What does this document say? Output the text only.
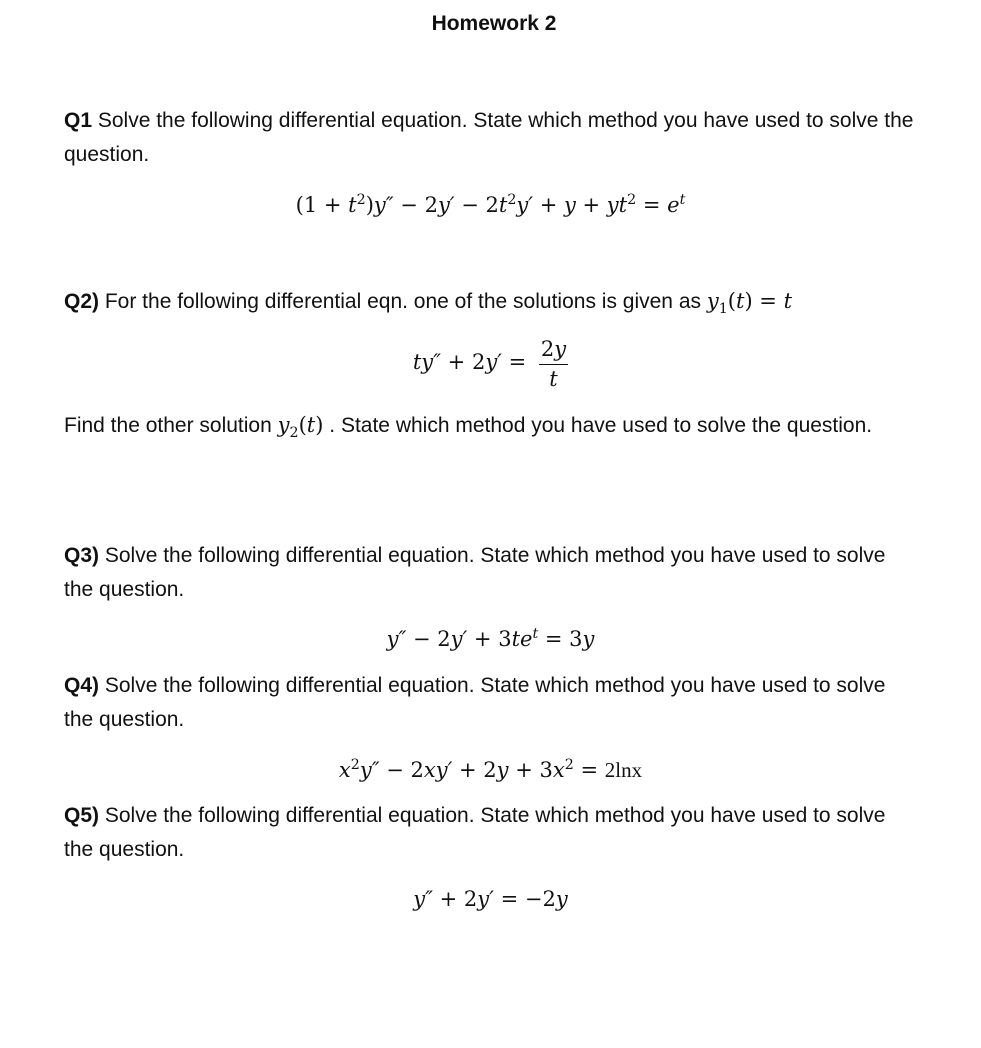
Homework 2
Q1 Solve the following differential equation. State which method you have used to solve the question.
$(1 + t^2)y'' - 2y' - 2t^2y' + y + yt^2 = e^t$
Q2) For the following differential eqn. one of the solutions is given as $y_1(t) = t$
$ty'' + 2y' = \frac{2y}{t}$
Find the other solution $y_2(t)$ . State which method you have used to solve the question.
Q3) Solve the following differential equation. State which method you have used to solve the question.
$y'' - 2y' + 3te^t = 3y$
Q4) Solve the following differential equation. State which method you have used to solve the question.
$x^2y'' - 2xy' + 2y + 3x^2 = 2\ln x$
Q5) Solve the following differential equation. State which method you have used to solve the question.
y″ + 2y′ = −2y
